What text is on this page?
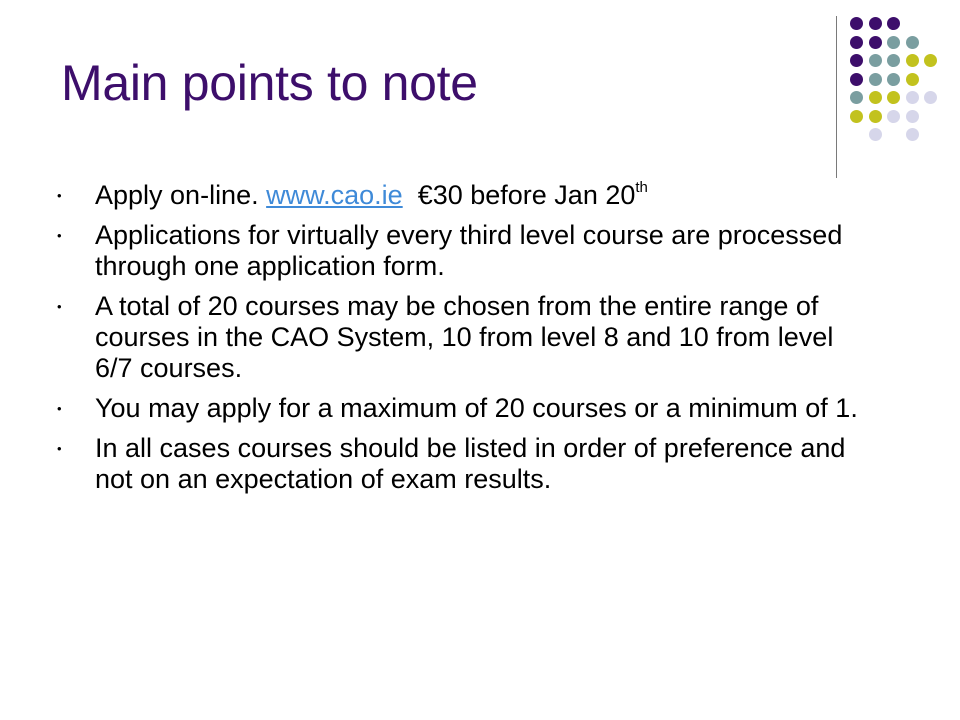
Main points to note
• Apply on-line. www.cao.ie €30 before Jan 20th
• Applications for virtually every third level course are processed through one application form.
• A total of 20 courses may be chosen from the entire range of courses in the CAO System, 10 from level 8 and 10 from level 6/7 courses.
• You may apply for a maximum of 20 courses or a minimum of 1.
• In all cases courses should be listed in order of preference and not on an expectation of exam results.
